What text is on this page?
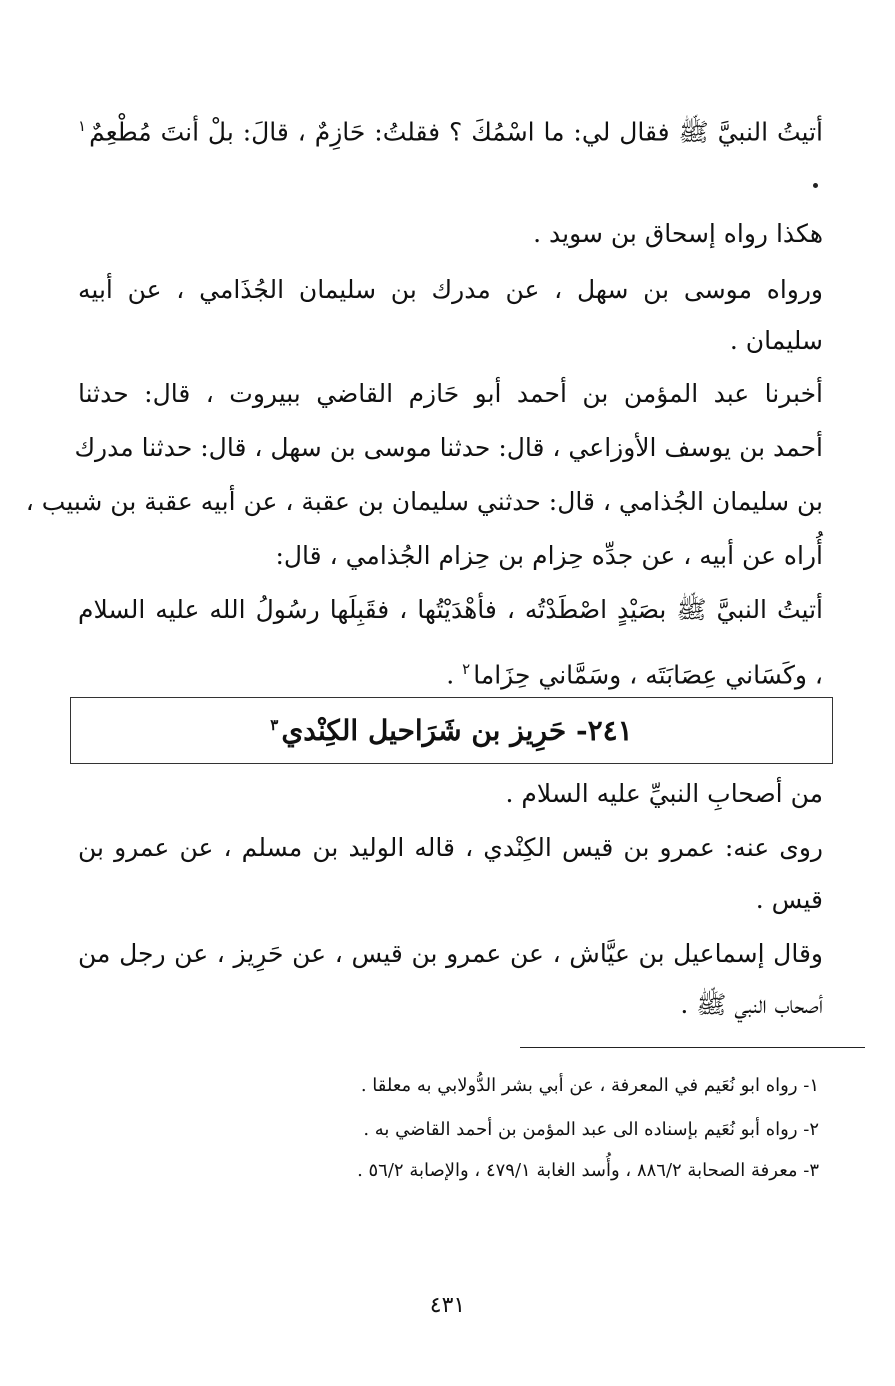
أتيتُ النبيَّ ﷺ فقال لي: ما اسْمُكَ ؟ فقلتُ: حَازِمٌ ، قالَ: بلْ أنتَ مُطْعِمٌ$^١$
هكذا رواه إسحاق بن سويد .
ورواه موسى بن سهل ، عن مدرك بن سليمان الجُذَامي ، عن أبيه
سليمان .
أخبرنا عبد المؤمن بن أحمد أبو حَازم القاضي ببيروت ، قال: حدثنا
أحمد بن يوسف الأوزاعي ، قال: حدثنا موسى بن سهل ، قال: حدثنا مدرك
بن سليمان الجُذامي ، قال: حدثني سليمان بن عقبة ، عن أبيه عقبة بن شبيب ،
أُراه عن أبيه ، عن جدِّه حِزام بن حِزام الجُذامي ، قال:
أتيتُ النبيَّ ﷺ بصَيْدٍ اصْطَدْتُه ، فأهْدَيْتُها ، فقَبِلَها رسُولُ الله عليه السلام
، وكَسَاني عِصَابَتَه ، وسَمَّاني حِزَاما$^٢$ .
٢٤١- حَرِيز بن شَرَاحيل الكِنْدي$^٣$
من أصحابِ النبيِّ عليه السلام .
روى عنه: عمرو بن قيس الكِنْدي ، قاله الوليد بن مسلم ، عن عمرو بن
قيس .
وقال إسماعيل بن عيَّاش ، عن عمرو بن قيس ، عن حَرِيز ، عن رجل من
أصحاب النبي ﷺ .
١- رواه ابو نُعَيم في المعرفة ، عن أبي بشر الدُّولابي به معلقا .
٢- رواه أبو نُعَيم بإسناده الى عبد المؤمن بن أحمد القاضي به .
٣- معرفة الصحابة ٨٨٦/٢ ، وأُسد الغابة ٤٧٩/١ ، والإصابة ٥٦/٢ .
٤٣١
